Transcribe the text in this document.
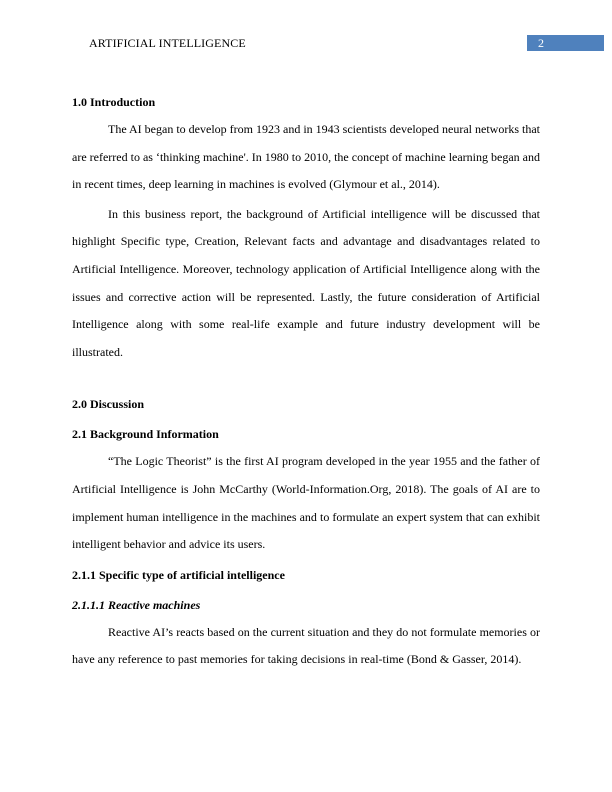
ARTIFICIAL INTELLIGENCE	2
1.0 Introduction

The AI began to develop from 1923 and in 1943 scientists developed neural networks that are referred to as ‘thinking machine'. In 1980 to 2010, the concept of machine learning began and in recent times, deep learning in machines is evolved (Glymour et al., 2014).

In this business report, the background of Artificial intelligence will be discussed that highlight Specific type, Creation, Relevant facts and advantage and disadvantages related to Artificial Intelligence. Moreover, technology application of Artificial Intelligence along with the issues and corrective action will be represented. Lastly, the future consideration of Artificial Intelligence along with some real-life example and future industry development will be illustrated.

2.0 Discussion
2.1 Background Information

“The Logic Theorist” is the first AI program developed in the year 1955 and the father of Artificial Intelligence is John McCarthy (World-Information.Org, 2018). The goals of AI are to implement human intelligence in the machines and to formulate an expert system that can exhibit intelligent behavior and advice its users.

2.1.1 Specific type of artificial intelligence
2.1.1.1 Reactive machines

Reactive AI’s reacts based on the current situation and they do not formulate memories or have any reference to past memories for taking decisions in real-time (Bond & Gasser, 2014).
